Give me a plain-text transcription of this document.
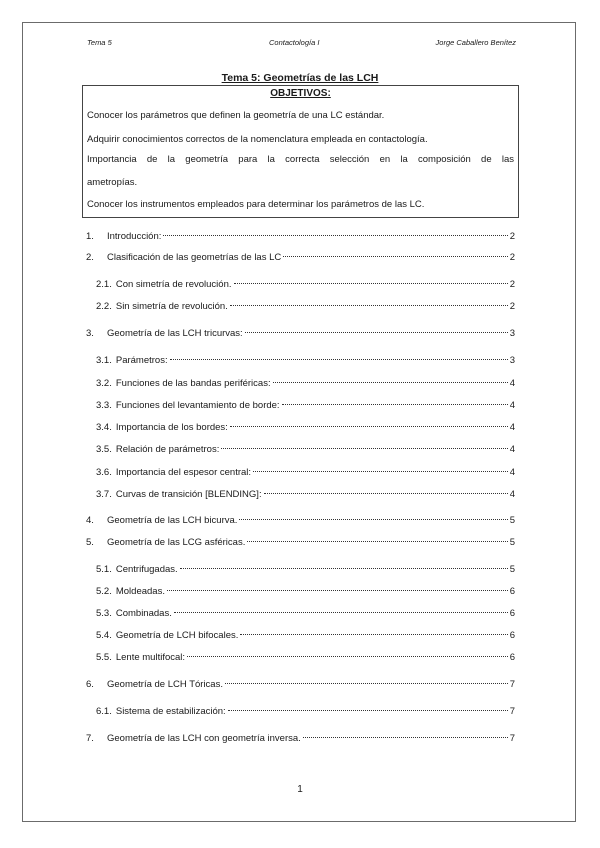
Tema 5	Contactología I	Jorge Caballero Benítez
Tema 5: Geometrías de las LCH
OBJETIVOS:
Conocer los parámetros que definen la geometría de una LC estándar.
Adquirir conocimientos correctos de la nomenclatura empleada en contactología.
Importancia de la geometría para la correcta selección en la composición de las
ametropías.
Conocer los instrumentos empleados para determinar los parámetros de las LC.
1.	Introducción:	2
2.	Clasificación de las geometrías de las LC	2
2.1. Con simetría de revolución.	2
2.2. Sin simetría de revolución.	2
3.	Geometría de las LCH tricurvas:	3
3.1. Parámetros:	3
3.2. Funciones de las bandas periféricas:	4
3.3. Funciones del levantamiento de borde:	4
3.4. Importancia de los bordes:	4
3.5. Relación de parámetros:	4
3.6. Importancia del espesor central:	4
3.7. Curvas de transición [BLENDING]:	4
4.	Geometría de las LCH bicurva.	5
5.	Geometría de las LCG asféricas.	5
5.1. Centrifugadas.	5
5.2. Moldeadas.	6
5.3. Combinadas.	6
5.4. Geometría de LCH bifocales.	6
5.5. Lente multifocal:	6
6.	Geometría de LCH Tóricas.	7
6.1. Sistema de estabilización:	7
7.	Geometría de las LCH con geometría inversa.	7
1
